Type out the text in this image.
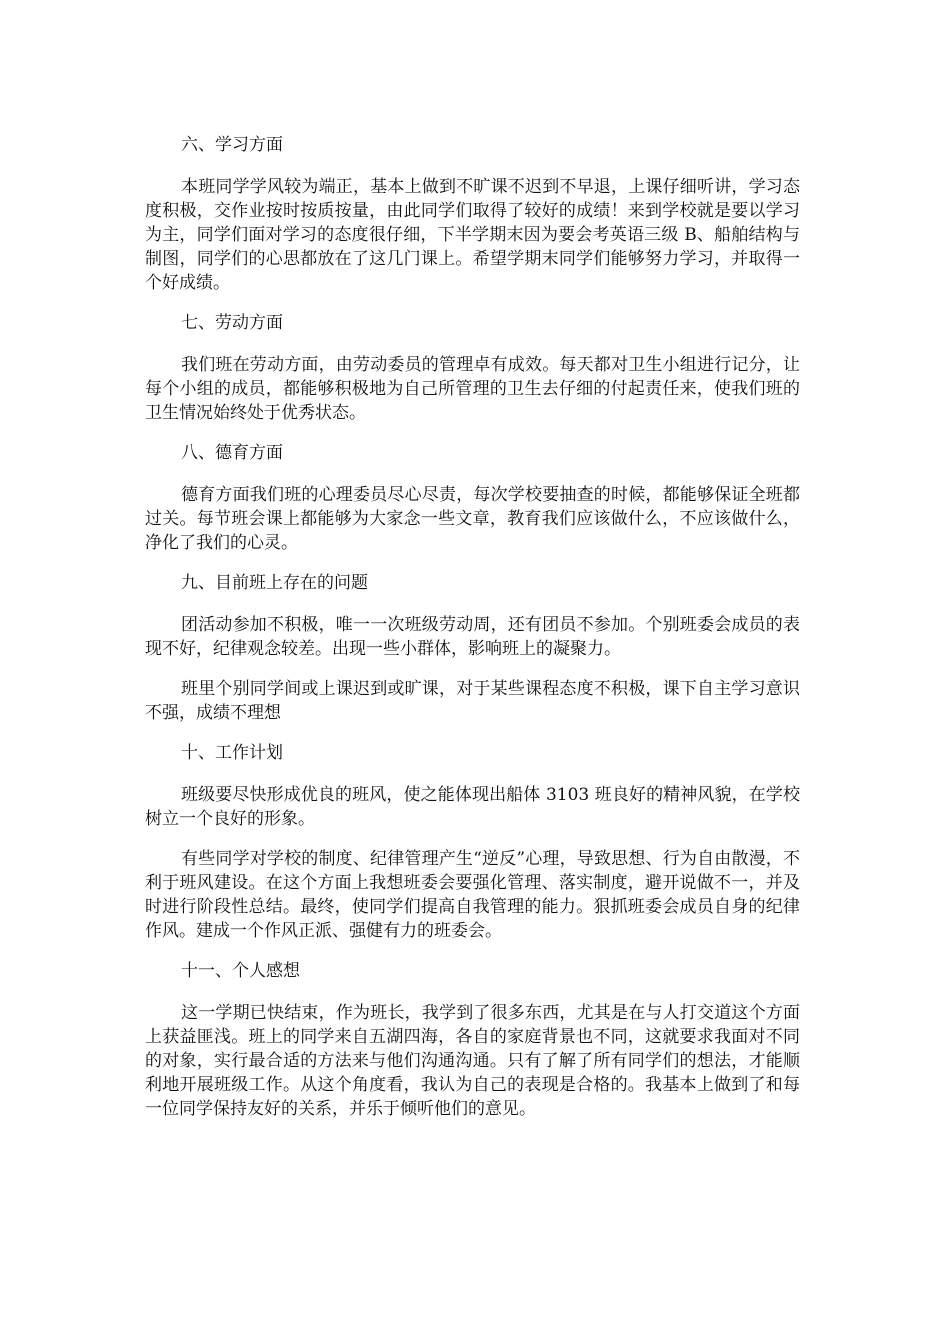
六、学习方面

本班同学学风较为端正，基本上做到不旷课不迟到不早退，上课仔细听讲，学习态度积极，交作业按时按质按量，由此同学们取得了较好的成绩！来到学校就是要以学习为主，同学们面对学习的态度很仔细，下半学期末因为要会考英语三级 B、船舶结构与制图，同学们的心思都放在了这几门课上。希望学期末同学们能够努力学习，并取得一个好成绩。

七、劳动方面

我们班在劳动方面，由劳动委员的管理卓有成效。每天都对卫生小组进行记分，让每个小组的成员，都能够积极地为自己所管理的卫生去仔细的付起责任来，使我们班的卫生情况始终处于优秀状态。

八、德育方面

德育方面我们班的心理委员尽心尽责，每次学校要抽查的时候，都能够保证全班都过关。每节班会课上都能够为大家念一些文章，教育我们应该做什么，不应该做什么，净化了我们的心灵。

九、目前班上存在的问题

团活动参加不积极，唯一一次班级劳动周，还有团员不参加。个别班委会成员的表现不好，纪律观念较差。出现一些小群体，影响班上的凝聚力。

班里个别同学间或上课迟到或旷课，对于某些课程态度不积极，课下自主学习意识不强，成绩不理想

十、工作计划

班级要尽快形成优良的班风，使之能体现出船体 3103 班良好的精神风貌，在学校树立一个良好的形象。

有些同学对学校的制度、纪律管理产生“逆反”心理，导致思想、行为自由散漫，不利于班风建设。在这个方面上我想班委会要强化管理、落实制度，避开说做不一，并及时进行阶段性总结。最终，使同学们提高自我管理的能力。狠抓班委会成员自身的纪律作风。建成一个作风正派、强健有力的班委会。

十一、个人感想

这一学期已快结束，作为班长，我学到了很多东西，尤其是在与人打交道这个方面上获益匪浅。班上的同学来自五湖四海，各自的家庭背景也不同，这就要求我面对不同的对象，实行最合适的方法来与他们沟通沟通。只有了解了所有同学们的想法，才能顺利地开展班级工作。从这个角度看，我认为自己的表现是合格的。我基本上做到了和每一位同学保持友好的关系，并乐于倾听他们的意见。
